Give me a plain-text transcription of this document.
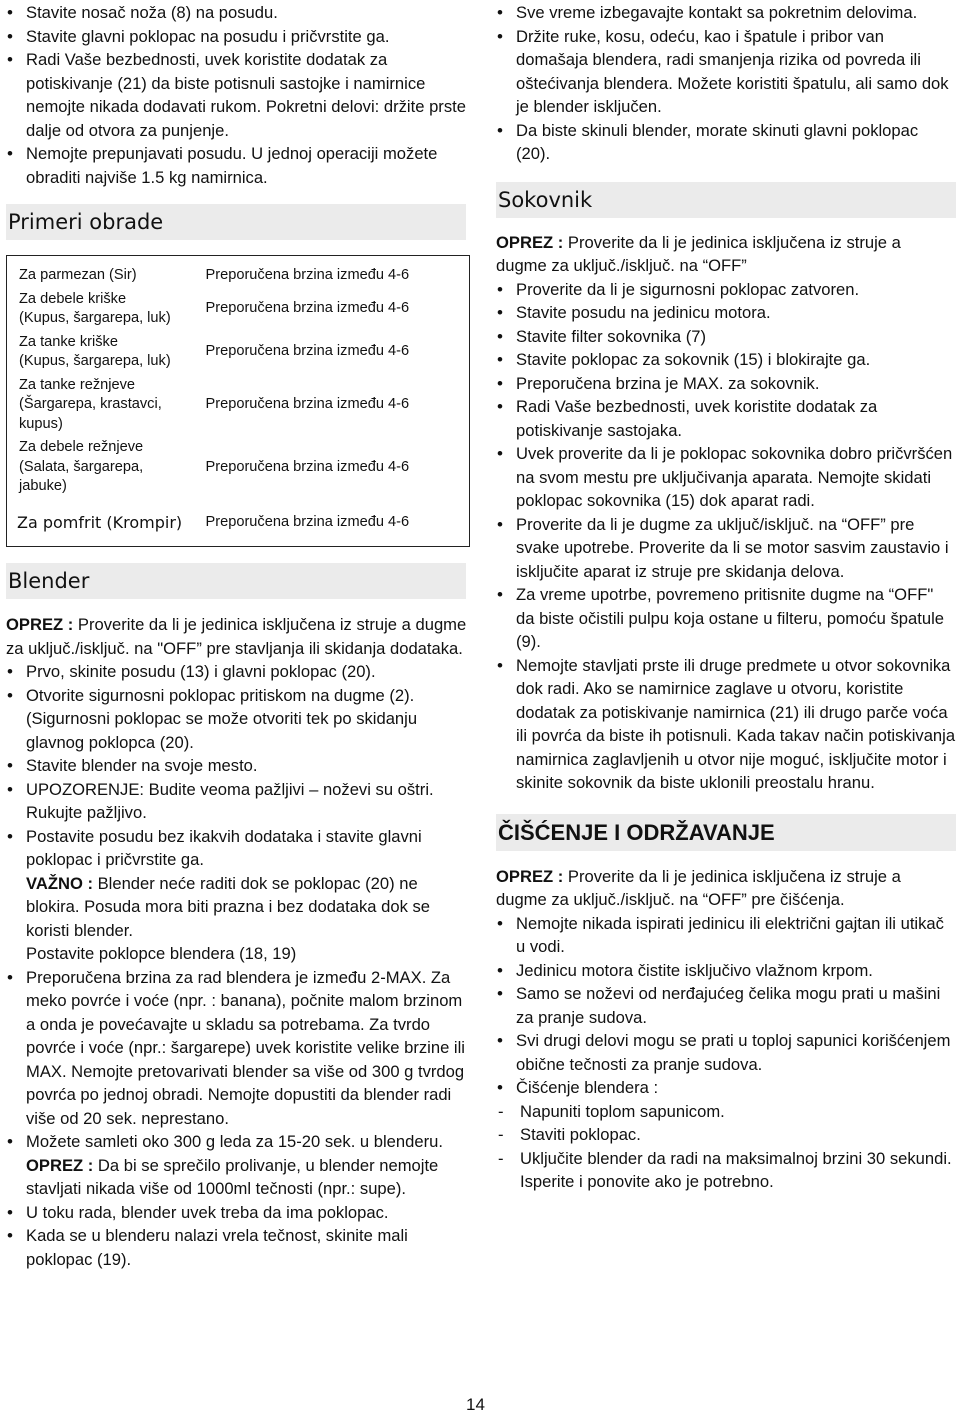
• Stavite nosač noža (8) na posudu.
• Stavite glavni poklopac na posudu i pričvrstite ga.
• Radi Vaše bezbednosti, uvek koristite dodatak za potiskivanje (21) da biste potisnuli sastojke i namirnice nemojte nikada dodavati rukom. Pokretni delovi: držite prste dalje od otvora za punjenje.
• Nemojte prepunjavati posudu. U jednoj operaciji možete obraditi najviše 1.5 kg namirnica.
Primeri obrade
Za parmezan (Sir)	Preporučena brzina između 4-6

Za debele kriške
(Kupus, šargarepa, luk)	Preporučena brzina između 4-6

Za tanke kriške
(Kupus, šargarepa, luk)	Preporučena brzina između 4-6

Za tanke režnjeve
(Šargarepa, krastavci,
kupus)	Preporučena brzina između 4-6

Za debele režnjeve
(Salata, šargarepa,
jabuke)	Preporučena brzina između 4-6
Za pomfrit (Krompir)	Preporučena brzina između 4-6
Blender

OPREZ : Proverite da li je jedinica isključena iz struje a dugme za uključ./isključ. na "OFF” pre stavljanja ili skidanja dodataka.

• Prvo, skinite posudu (13) i glavni poklopac (20).
• Otvorite sigurnosni poklopac pritiskom na dugme (2). (Sigurnosni poklopac se može otvoriti tek po skidanju glavnog poklopca (20).
• Stavite blender na svoje mesto.
• UPOZORENJE: Budite veoma pažljivi – noževi su oštri. Rukujte pažljivo.
• Postavite posudu bez ikakvih dodataka i stavite glavni poklopac i pričvrstite ga.
VAŽNO : Blender neće raditi dok se poklopac (20) ne blokira. Posuda mora biti prazna i bez dodataka dok se koristi blender.
Postavite poklopce blendera (18, 19)
• Preporučena brzina za rad blendera je između 2-MAX. Za meko povrće i voće (npr. : banana), počnite malom brzinom a onda je povećavajte u skladu sa potrebama. Za tvrdo povrće i voće (npr.: šargarepe) uvek koristite velike brzine ili MAX. Nemojte pretovarivati blender sa više od 300 g tvrdog povrća po jednoj obradi. Nemojte dopustiti da blender radi više od 20 sek. neprestano.
• Možete samleti oko 300 g leda za 15-20 sek. u blenderu.
OPREZ : Da bi se sprečilo prolivanje, u blender nemojte stavljati nikada više od 1000ml tečnosti (npr.: supe).
• U toku rada, blender uvek treba da ima poklopac.
• Kada se u blenderu nalazi vrela tečnost, skinite mali poklopac (19).
• Sve vreme izbegavajte kontakt sa pokretnim delovima.
• Držite ruke, kosu, odeću, kao i špatule i pribor van domašaja blendera, radi smanjenja rizika od povreda ili oštećivanja blendera. Možete koristiti špatulu, ali samo dok je blender isključen.
• Da biste skinuli blender, morate skinuti glavni poklopac (20).
Sokovnik

OPREZ : Proverite da li je jedinica isključena iz struje a dugme za uključ./isključ. na “OFF”

• Proverite da li je sigurnosni poklopac zatvoren.
• Stavite posudu na jedinicu motora.
• Stavite filter sokovnika (7)
• Stavite poklopac za sokovnik (15) i blokirajte ga.
• Preporučena brzina je MAX. za sokovnik.
• Radi Vaše bezbednosti, uvek koristite dodatak za potiskivanje sastojaka.
• Uvek proverite da li je poklopac sokovnika dobro pričvršćen na svom mestu pre uključivanja aparata. Nemojte skidati poklopac sokovnika (15) dok aparat radi.
• Proverite da li je dugme za uključ/isključ. na “OFF” pre svake upotrebe. Proverite da li se motor sasvim zaustavio i isključite aparat iz struje pre skidanja delova.
• Za vreme upotrbe, povremeno pritisnite dugme na “OFF" da biste očistili pulpu koja ostane u filteru, pomoću špatule (9).
• Nemojte stavljati prste ili druge predmete u otvor sokovnika dok radi. Ako se namirnice zaglave u otvoru, koristite dodatak za potiskivanje namirnica (21) ili drugo parče voća ili povrća da biste ih potisnuli. Kada takav način potiskivanja namirnica zaglavljenih u otvor nije moguć, isključite motor i skinite sokovnik da biste uklonili preostalu hranu.
ČIŠĆENJE I ODRŽAVANJE

OPREZ : Proverite da li je jedinica isključena iz struje a dugme za uključ./isključ. na “OFF” pre čišćenja.

• Nemojte nikada ispirati jedinicu ili električni gajtan ili utikač u vodi.
• Jedinicu motora čistite isključivo vlažnom krpom.
• Samo se noževi od nerđajućeg čelika mogu prati u mašini za pranje sudova.
• Svi drugi delovi mogu se prati u toploj sapunici korišćenjem obične tečnosti za pranje sudova.
• Čišćenje blendera :
- Napuniti toplom sapunicom.
- Staviti poklopac.
- Uključite blender da radi na maksimalnoj brzini 30 sekundi. Isperite i ponovite ako je potrebno.
14
